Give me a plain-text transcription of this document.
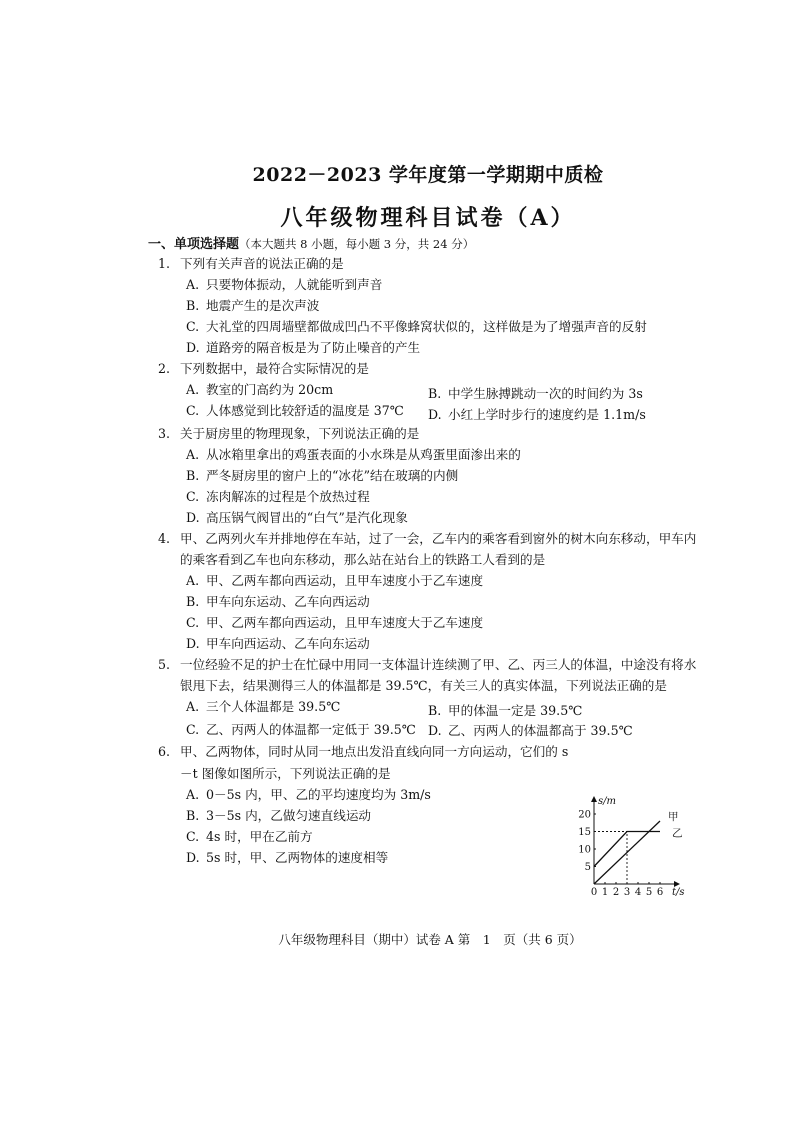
2022－2023 学年度第一学期期中质检
八年级物理科目试卷（A）
一、单项选择题（本大题共 8 小题，每小题 3 分，共 24 分）
1. 下列有关声音的说法正确的是
A. 只要物体振动，人就能听到声音
B. 地震产生的是次声波
C. 大礼堂的四周墙壁都做成凹凸不平像蜂窝状似的，这样做是为了增强声音的反射
D. 道路旁的隔音板是为了防止噪音的产生
2. 下列数据中，最符合实际情况的是
A. 教室的门高约为 20cm	B. 中学生脉搏跳动一次的时间约为 3s
C. 人体感觉到比较舒适的温度是 37℃ D. 小红上学时步行的速度约是 1.1m/s
3. 关于厨房里的物理现象，下列说法正确的是
A. 从冰箱里拿出的鸡蛋表面的小水珠是从鸡蛋里面渗出来的
B. 严冬厨房里的窗户上的“冰花”结在玻璃的内侧
C. 冻肉解冻的过程是个放热过程
D. 高压锅气阀冒出的“白气”是汽化现象
4. 甲、乙两列火车并排地停在车站，过了一会，乙车内的乘客看到窗外的树木向东移动，甲车内
的乘客看到乙车也向东移动，那么站在站台上的铁路工人看到的是
A. 甲、乙两车都向西运动，且甲车速度小于乙车速度
B. 甲车向东运动、乙车向西运动
C. 甲、乙两车都向西运动，且甲车速度大于乙车速度
D. 甲车向西运动、乙车向东运动
5. 一位经验不足的护士在忙碌中用同一支体温计连续测了甲、乙、丙三人的体温，中途没有将水
银甩下去，结果测得三人的体温都是 39.5℃，有关三人的真实体温，下列说法正确的是
A. 三个人体温都是 39.5℃	B. 甲的体温一定是 39.5℃
C. 乙、丙两人的体温都一定低于 39.5℃ D. 乙、丙两人的体温都高于 39.5℃
6. 甲、乙两物体，同时从同一地点出发沿直线向同一方向运动，它们的 s
－t 图像如图所示，下列说法正确的是
A. 0－5s 内，甲、乙的平均速度均为 3m/s
B. 3－5s 内，乙做匀速直线运动
C. 4s 时，甲在乙前方
D. 5s 时，甲、乙两物体的速度相等
0 1 2 3 4 5 6
5
10
15
20	甲
乙
s/m
t/s
八年级物理科目（期中）试卷 A 第　1　页（共 6 页）
